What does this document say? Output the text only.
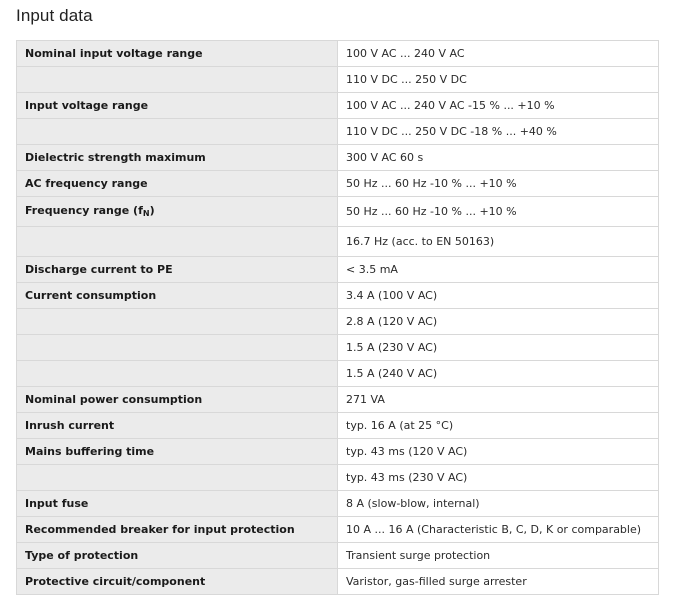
Input data
Nominal input voltage range	100 V AC ... 240 V AC
	110 V DC ... 250 V DC
Input voltage range	100 V AC ... 240 V AC -15 % ... +10 %
	110 V DC ... 250 V DC -18 % ... +40 %
Dielectric strength maximum	300 V AC 60 s
AC frequency range	50 Hz ... 60 Hz -10 % ... +10 %
Frequency range $(f_N)$	50 Hz ... 60 Hz -10 % ... +10 %
	16.7 Hz (acc. to EN 50163)
Discharge current to PE	< 3.5 mA
Current consumption	3.4 A (100 V AC)
	2.8 A (120 V AC)
	1.5 A (230 V AC)
	1.5 A (240 V AC)
Nominal power consumption	271 VA
Inrush current	typ. 16 A (at 25 °C)
Mains buffering time	typ. 43 ms (120 V AC)
	typ. 43 ms (230 V AC)
Input fuse	8 A (slow-blow, internal)
Recommended breaker for input protection	10 A ... 16 A (Characteristic B, C, D, K or comparable)
Type of protection	Transient surge protection
Protective circuit/component	Varistor, gas-filled surge arrester
